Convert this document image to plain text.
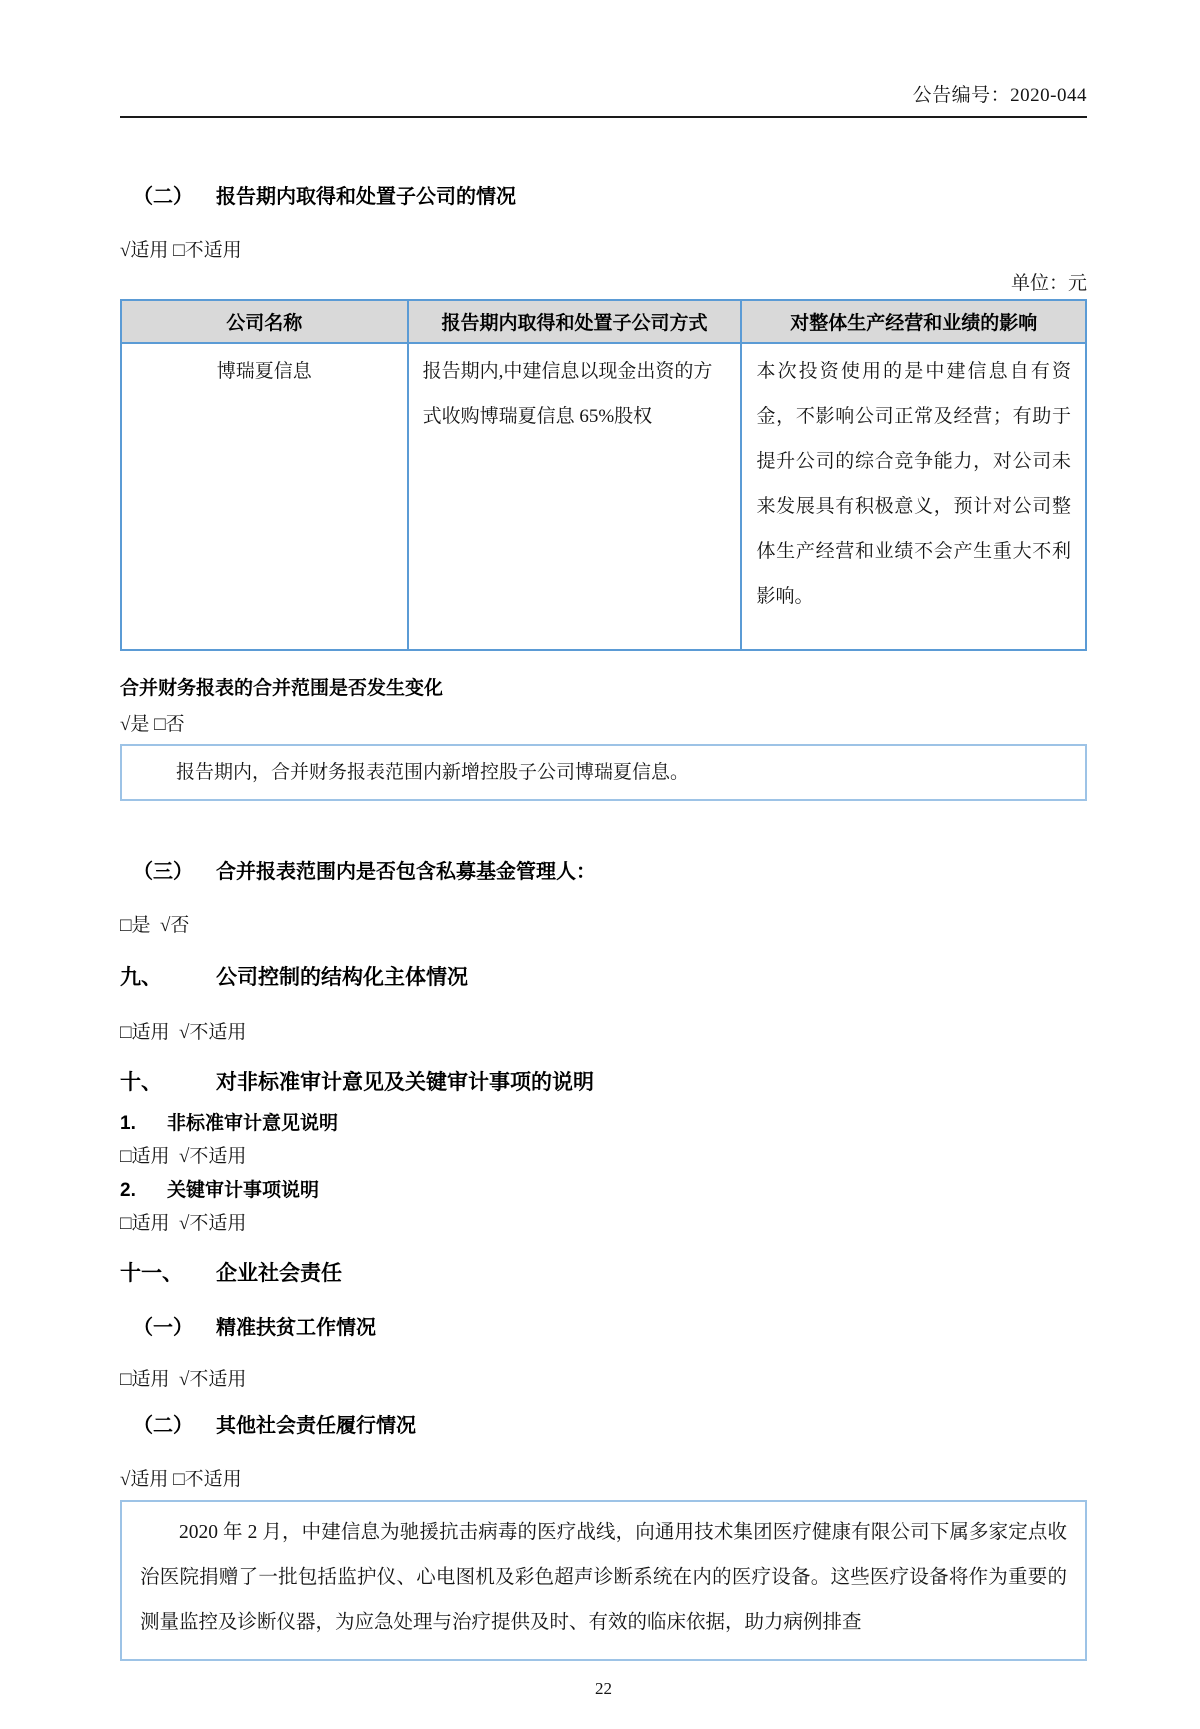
公告编号：2020-044
（二） 报告期内取得和处置子公司的情况
√适用 □不适用
单位：元
公司名称	报告期内取得和处置子公司方式	对整体生产经营和业绩的影响
博瑞夏信息	报告期内,中建信息以现金出资的方式收购博瑞夏信息 65%股权	本次投资使用的是中建信息自有资金，不影响公司正常及经营；有助于提升公司的综合竞争能力，对公司未来发展具有积极意义，预计对公司整体生产经营和业绩不会产生重大不利影响。
合并财务报表的合并范围是否发生变化
√是 □否

报告期内，合并财务报表范围内新增控股子公司博瑞夏信息。

（三） 合并报表范围内是否包含私募基金管理人：
□是  √否
九、	公司控制的结构化主体情况
□适用  √不适用
十、	对非标准审计意见及关键审计事项的说明
1. 非标准审计意见说明
□适用  √不适用
2. 关键审计事项说明
□适用  √不适用
十一、 企业社会责任
（一） 精准扶贫工作情况
□适用  √不适用
（二） 其他社会责任履行情况
√适用 □不适用

2020 年 2 月，中建信息为驰援抗击病毒的医疗战线，向通用技术集团医疗健康有限公司下属多家定点收治医院捐赠了一批包括监护仪、心电图机及彩色超声诊断系统在内的医疗设备。这些医疗设备将作为重要的测量监控及诊断仪器，为应急处理与治疗提供及时、有效的临床依据，助力病例排查

22
